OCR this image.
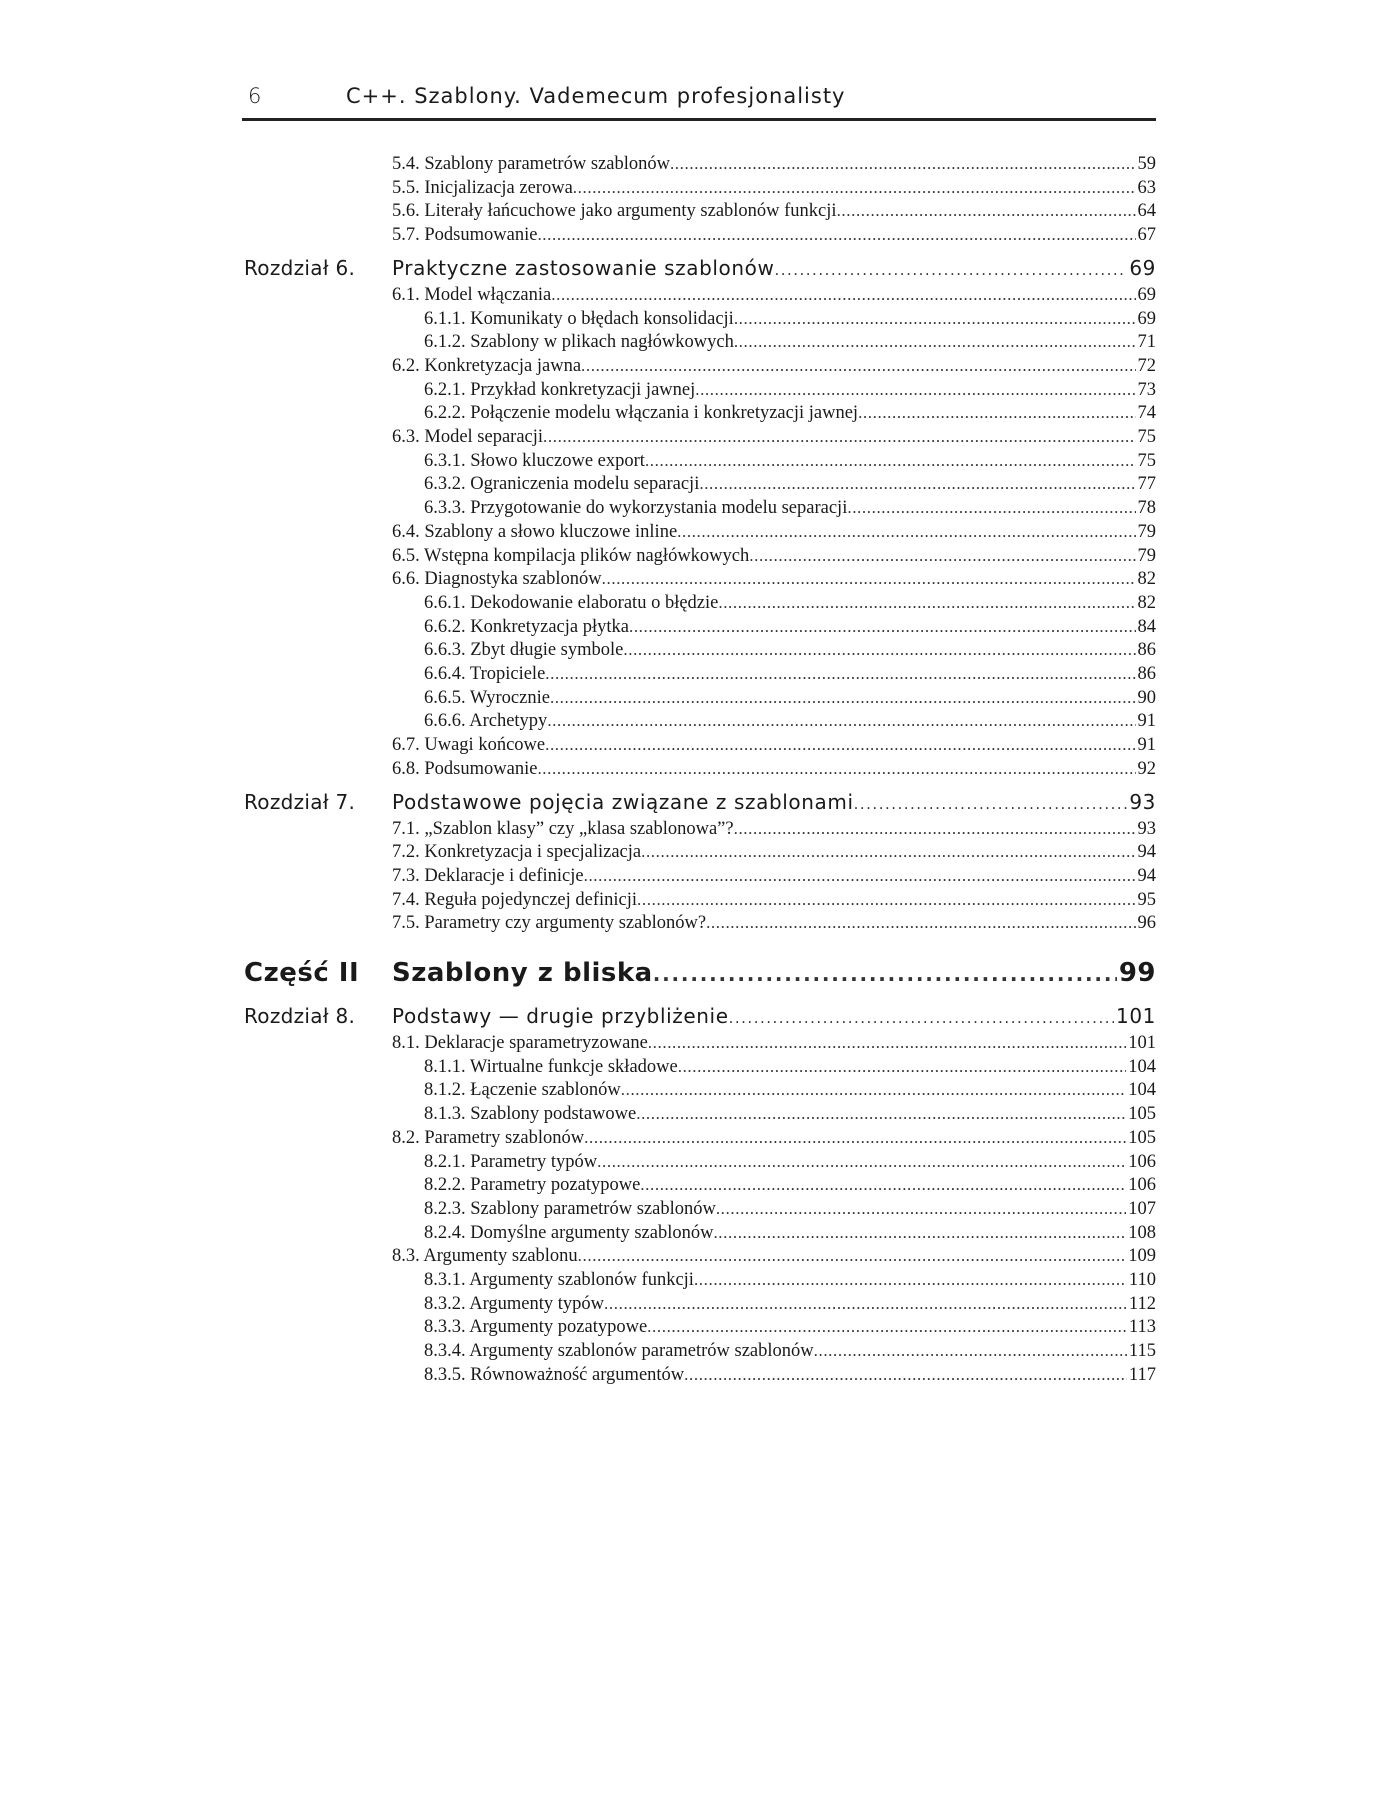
6	C++. Szablony. Vademecum profesjonalisty
5.4. Szablony parametrów szablonów .....	59
5.5. Inicjalizacja zerowa .....	63
5.6. Literały łańcuchowe jako argumenty szablonów funkcji .....	64
5.7. Podsumowanie .....	67
Rozdział 6. Praktyczne zastosowanie szablonów .....	69
6.1. Model włączania .....	69
6.1.1. Komunikaty o błędach konsolidacji .....	69
6.1.2. Szablony w plikach nagłówkowych .....	71
6.2. Konkretyzacja jawna .....	72
6.2.1. Przykład konkretyzacji jawnej .....	73
6.2.2. Połączenie modelu włączania i konkretyzacji jawnej .....	74
6.3. Model separacji .....	75
6.3.1. Słowo kluczowe export .....	75
6.3.2. Ograniczenia modelu separacji .....	77
6.3.3. Przygotowanie do wykorzystania modelu separacji .....	78
6.4. Szablony a słowo kluczowe inline .....	79
6.5. Wstępna kompilacja plików nagłówkowych .....	79
6.6. Diagnostyka szablonów .....	82
6.6.1. Dekodowanie elaboratu o błędzie .....	82
6.6.2. Konkretyzacja płytka .....	84
6.6.3. Zbyt długie symbole .....	86
6.6.4. Tropiciele .....	86
6.6.5. Wyrocznie .....	90
6.6.6. Archetypy .....	91
6.7. Uwagi końcowe .....	91
6.8. Podsumowanie .....	92
Rozdział 7. Podstawowe pojęcia związane z szablonami .....	93
7.1. „Szablon klasy” czy „klasa szablonowa”? .....	93
7.2. Konkretyzacja i specjalizacja .....	94
7.3. Deklaracje i definicje .....	94
7.4. Reguła pojedynczej definicji .....	95
7.5. Parametry czy argumenty szablonów? .....	96
Część II Szablony z bliska .....	99
Rozdział 8. Podstawy — drugie przybliżenie .....	101
8.1. Deklaracje sparametryzowane .....	101
8.1.1. Wirtualne funkcje składowe .....	104
8.1.2. Łączenie szablonów .....	104
8.1.3. Szablony podstawowe .....	105
8.2. Parametry szablonów .....	105
8.2.1. Parametry typów .....	106
8.2.2. Parametry pozatypowe .....	106
8.2.3. Szablony parametrów szablonów .....	107
8.2.4. Domyślne argumenty szablonów .....	108
8.3. Argumenty szablonu .....	109
8.3.1. Argumenty szablonów funkcji .....	110
8.3.2. Argumenty typów .....	112
8.3.3. Argumenty pozatypowe .....	113
8.3.4. Argumenty szablonów parametrów szablonów .....	115
8.3.5. Równoważność argumentów .....	117
